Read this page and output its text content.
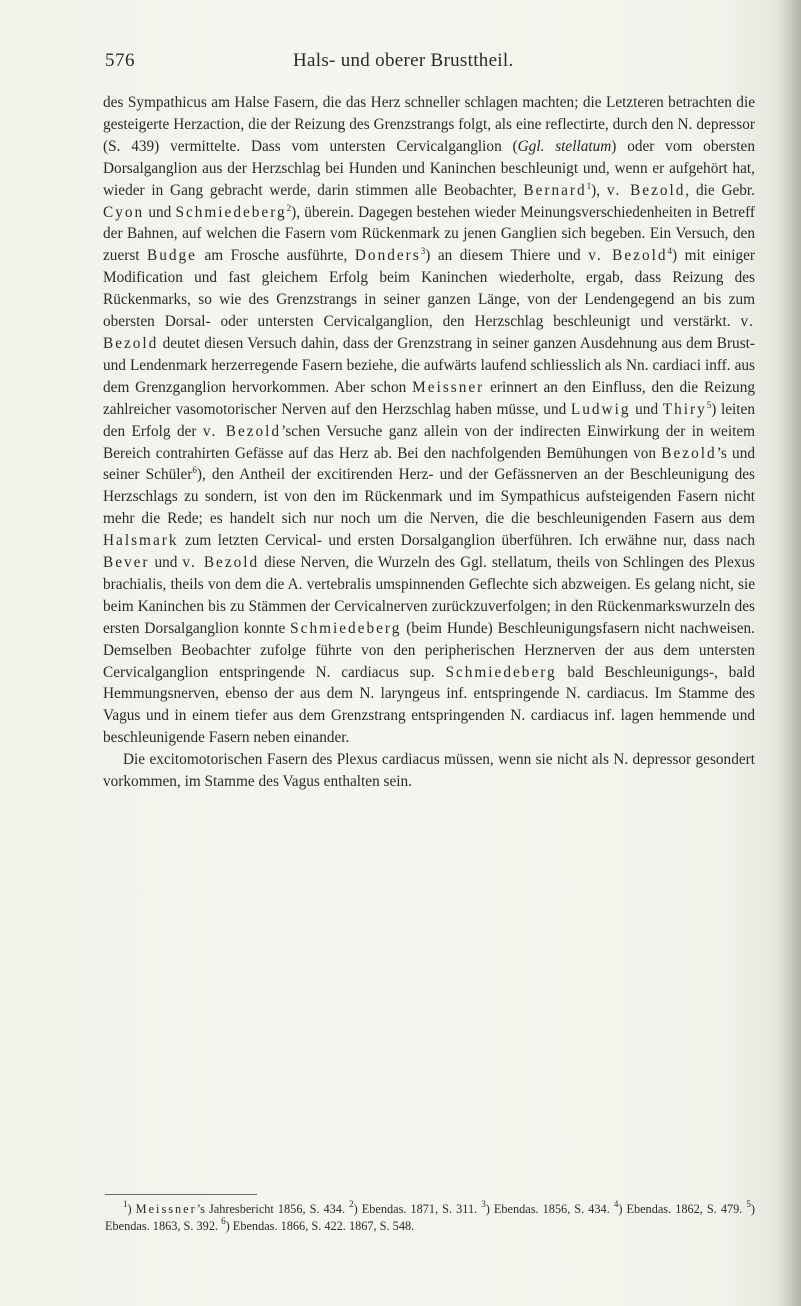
576	Hals- und oberer Brusttheil.

des Sympathicus am Halse Fasern, die das Herz schneller schlagen machten; die Letzteren betrachten die gesteigerte Herzaction, die der Reizung des Grenzstrangs folgt, als eine reflectirte, durch den N. depressor (S. 439) vermittelte. Dass vom untersten Cervicalganglion (Ggl. stellatum) oder vom obersten Dorsalganglion aus der Herzschlag bei Hunden und Kaninchen beschleunigt und, wenn er aufgehört hat, wieder in Gang gebracht werde, darin stimmen alle Beobachter, Bernard$^1$), v. Bezold, die Gebr. Cyon und Schmiedeberg$^2$), überein. Dagegen bestehen wieder Meinungsverschiedenheiten in Betreff der Bahnen, auf welchen die Fasern vom Rückenmark zu jenen Ganglien sich begeben. Ein Versuch, den zuerst Budge am Frosche ausführte, Donders$^3$) an diesem Thiere und v. Bezold$^4$) mit einiger Modification und fast gleichem Erfolg beim Kaninchen wiederholte, ergab, dass Reizung des Rückenmarks, so wie des Grenzstrangs in seiner ganzen Länge, von der Lendengegend an bis zum obersten Dorsal- oder untersten Cervicalganglion, den Herzschlag beschleunigt und verstärkt. v. Bezold deutet diesen Versuch dahin, dass der Grenzstrang in seiner ganzen Ausdehnung aus dem Brust- und Lendenmark herzerregende Fasern beziehe, die aufwärts laufend schliesslich als Nn. cardiaci inff. aus dem Grenzganglion hervorkommen. Aber schon Meissner erinnert an den Einfluss, den die Reizung zahlreicher vasomotorischer Nerven auf den Herzschlag haben müsse, und Ludwig und Thiry$^5$) leiten den Erfolg der v. Bezold’schen Versuche ganz allein von der indirecten Einwirkung der in weitem Bereich contrahirten Gefässe auf das Herz ab. Bei den nachfolgenden Bemühungen von Bezold’s und seiner Schüler$^6$), den Antheil der excitirenden Herz- und der Gefässnerven an der Beschleunigung des Herzschlags zu sondern, ist von den im Rückenmark und im Sympathicus aufsteigenden Fasern nicht mehr die Rede; es handelt sich nur noch um die Nerven, die die beschleunigenden Fasern aus dem Halsmark zum letzten Cervical- und ersten Dorsalganglion überführen. Ich erwähne nur, dass nach Bever und v. Bezold diese Nerven, die Wurzeln des Ggl. stellatum, theils von Schlingen des Plexus brachialis, theils von dem die A. vertebralis umspinnenden Geflechte sich abzweigen. Es gelang nicht, sie beim Kaninchen bis zu Stämmen der Cervicalnerven zurückzuverfolgen; in den Rückenmarkswurzeln des ersten Dorsalganglion konnte Schmiedeberg (beim Hunde) Beschleunigungsfasern nicht nachweisen. Demselben Beobachter zufolge führte von den peripherischen Herznerven der aus dem untersten Cervicalganglion entspringende N. cardiacus sup. Schmiedeberg bald Beschleunigungs-, bald Hemmungsnerven, ebenso der aus dem N. laryngeus inf. entspringende N. cardiacus. Im Stamme des Vagus und in einem tiefer aus dem Grenzstrang entspringenden N. cardiacus inf. lagen hemmende und beschleunigende Fasern neben einander.

Die excitomotorischen Fasern des Plexus cardiacus müssen, wenn sie nicht als N. depressor gesondert vorkommen, im Stamme des Vagus enthalten sein.

$^1$) Meissner’s Jahresbericht 1856, S. 434. $^2$) Ebendas. 1871, S. 311. $^3$) Ebendas. 1856, S. 434. $^4$) Ebendas. 1862, S. 479. $^5$) Ebendas. 1863, S. 392. $^6$) Ebendas. 1866, S. 422. 1867, S. 548.
